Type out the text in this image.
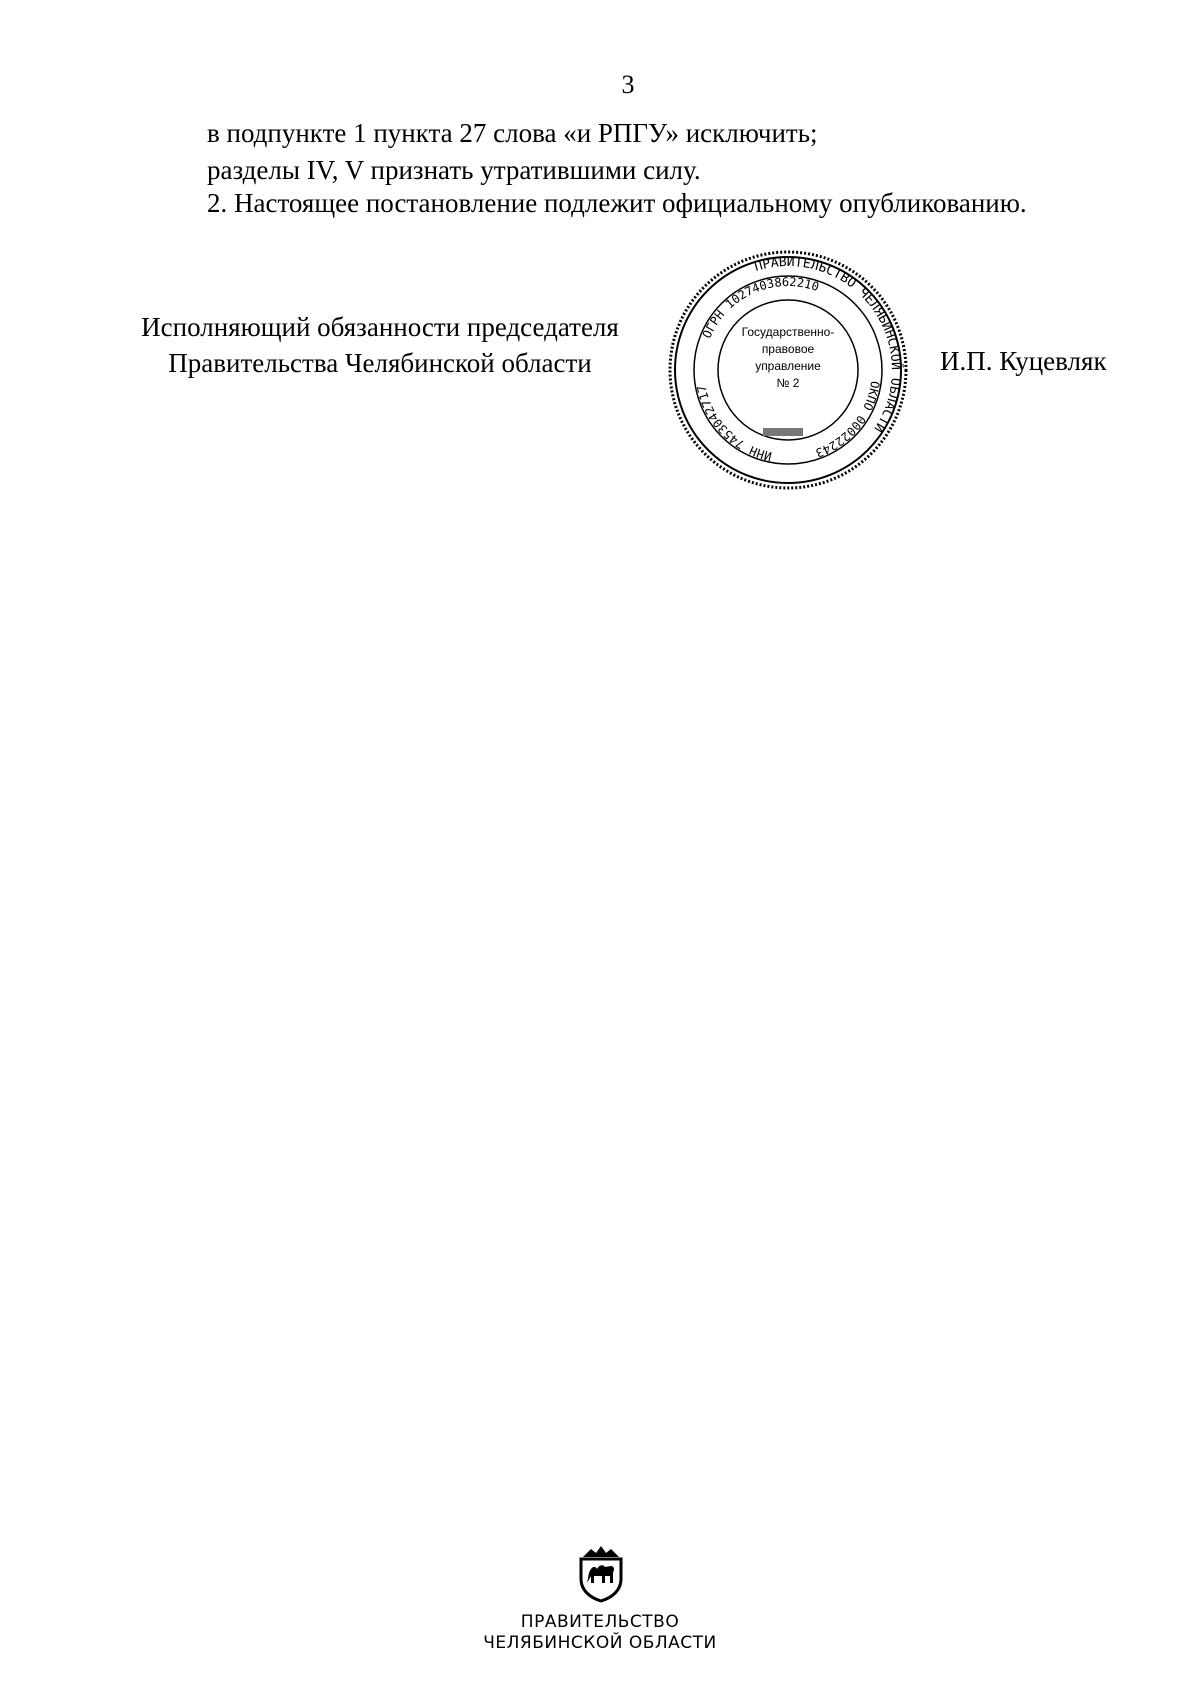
3
в подпункте 1 пункта 27 слова «и РПГУ» исключить;
разделы IV, V признать утратившими силу.
2. Настоящее постановление подлежит официальному опубликованию.
Исполняющий обязанности председателя
Правительства Челябинской области
ПРАВИТЕЛЬСТВО ЧЕЛЯБИНСКОЙ ОБЛАСТИ
ОГРН 1027403862210
ОКПО 00022243
ИНН 7453042717
Государственно-
правовое
управление
№ 2
И.П. Куцевляк
ПРАВИТЕЛЬСТВО
ЧЕЛЯБИНСКОЙ ОБЛАСТИ
